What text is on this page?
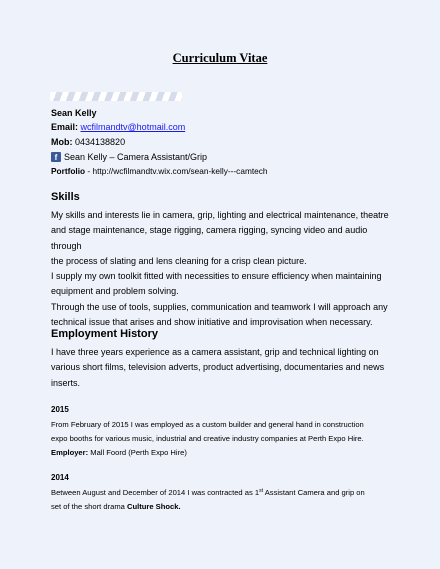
Curriculum Vitae
Sean Kelly
Email: wcfilmandtv@hotmail.com
Mob: 0434138820
f Sean Kelly – Camera Assistant/Grip
Portfolio - http://wcfilmandtv.wix.com/sean-kelly---camtech
Skills
My skills and interests lie in camera, grip, lighting and electrical maintenance, theatre
and stage maintenance, stage rigging, camera rigging, syncing video and audio through
the process of slating and lens cleaning for a crisp clean picture.
I supply my own toolkit fitted with necessities to ensure efficiency when maintaining
equipment and problem solving.
Through the use of tools, supplies, communication and teamwork I will approach any
technical issue that arises and show initiative and improvisation when necessary.
Employment History
I have three years experience as a camera assistant, grip and technical lighting on
various short films, television adverts, product advertising, documentaries and news
inserts.
2015
From February of 2015 I was employed as a custom builder and general hand in construction
expo booths for various music, industrial and creative industry companies at Perth Expo Hire.
Employer: Mall Foord (Perth Expo Hire)
2014
Between August and December of 2014 I was contracted as 1st Assistant Camera and grip on
set of the short drama Culture Shock.
